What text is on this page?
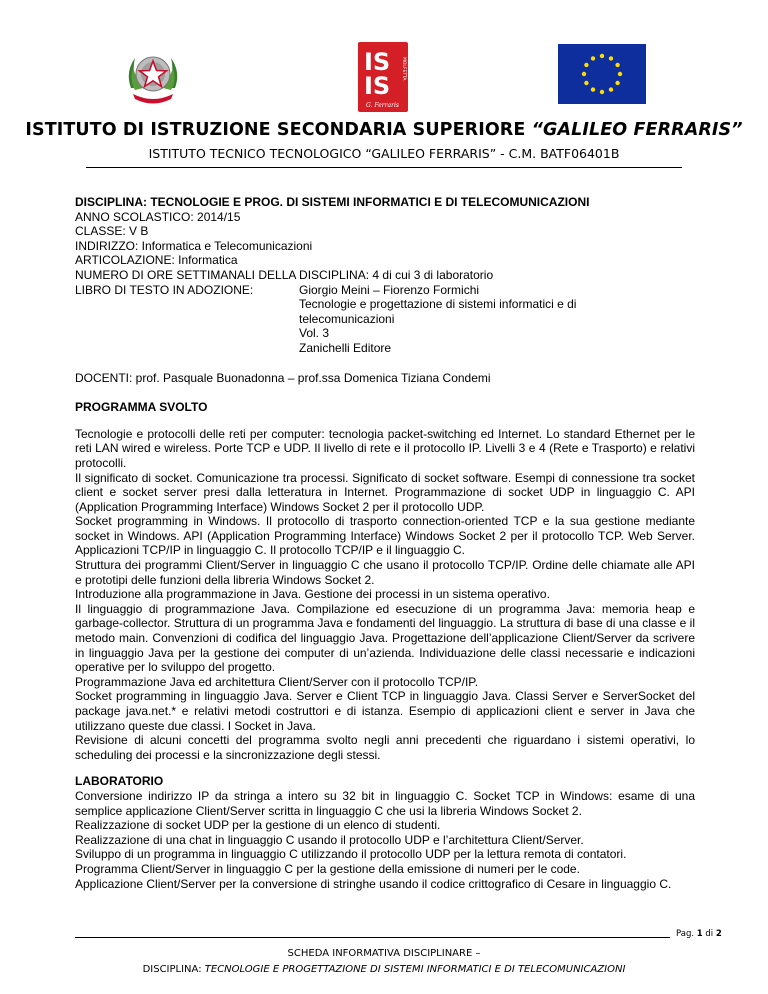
IS
IS
MOLFETTA
G. Ferraris
ISTITUTO DI ISTRUZIONE SECONDARIA SUPERIORE “GALILEO FERRARIS”
ISTITUTO TECNICO TECNOLOGICO “GALILEO FERRARIS” - C.M. BATF06401B

DISCIPLINA: TECNOLOGIE E PROG. DI SISTEMI INFORMATICI E DI TELECOMUNICAZIONI

ANNO SCOLASTICO: 2014/15

CLASSE: V B

INDIRIZZO: Informatica e Telecomunicazioni

ARTICOLAZIONE: Informatica

NUMERO DI ORE SETTIMANALI DELLA DISCIPLINA: 4 di cui 3 di laboratorio

LIBRO DI TESTO IN ADOZIONE:	Giorgio Meini – Fiorenzo Formichi

Tecnologie e progettazione di sistemi informatici e di

telecomunicazioni

Vol. 3

Zanichelli Editore

DOCENTI: prof. Pasquale Buonadonna – prof.ssa Domenica Tiziana Condemi

PROGRAMMA SVOLTO

Tecnologie e protocolli delle reti per computer: tecnologia packet-switching ed Internet. Lo standard Ethernet per le reti LAN wired e wireless. Porte TCP e UDP. Il livello di rete e il protocollo IP. Livelli 3 e 4 (Rete e Trasporto) e relativi protocolli.

Il significato di socket. Comunicazione tra processi. Significato di socket software. Esempi di connessione tra socket client e socket server presi dalla letteratura in Internet. Programmazione di socket UDP in linguaggio C. API (Application Programming Interface) Windows Socket 2 per il protocollo UDP.

Socket programming in Windows. Il protocollo di trasporto connection-oriented TCP e la sua gestione mediante socket in Windows. API (Application Programming Interface) Windows Socket 2 per il protocollo TCP. Web Server. Applicazioni TCP/IP in linguaggio C. Il protocollo TCP/IP e il linguaggio C.

Struttura dei programmi Client/Server in linguaggio C che usano il protocollo TCP/IP. Ordine delle chiamate alle API e prototipi delle funzioni della libreria Windows Socket 2.

Introduzione alla programmazione in Java. Gestione dei processi in un sistema operativo.

Il linguaggio di programmazione Java. Compilazione ed esecuzione di un programma Java: memoria heap e garbage-collector. Struttura di un programma Java e fondamenti del linguaggio. La struttura di base di una classe e il metodo main. Convenzioni di codifica del linguaggio Java. Progettazione dell’applicazione Client/Server da scrivere in linguaggio Java per la gestione dei computer di un’azienda. Individuazione delle classi necessarie e indicazioni operative per lo sviluppo del progetto.

Programmazione Java ed architettura Client/Server con il protocollo TCP/IP.

Socket programming in linguaggio Java. Server e Client TCP in linguaggio Java. Classi Server e ServerSocket del package java.net.* e relativi metodi costruttori e di istanza. Esempio di applicazioni client e server in Java che utilizzano queste due classi. I Socket in Java.

Revisione di alcuni concetti del programma svolto negli anni precedenti che riguardano i sistemi operativi, lo scheduling dei processi e la sincronizzazione degli stessi.

LABORATORIO

Conversione indirizzo IP da stringa a intero su 32 bit in linguaggio C. Socket TCP in Windows: esame di una semplice applicazione Client/Server scritta in linguaggio C che usi la libreria Windows Socket 2.

Realizzazione di socket UDP per la gestione di un elenco di studenti.

Realizzazione di una chat in linguaggio C usando il protocollo UDP e l’architettura Client/Server.

Sviluppo di un programma in linguaggio C utilizzando il protocollo UDP per la lettura remota di contatori.

Programma Client/Server in linguaggio C per la gestione della emissione di numeri per le code.

Applicazione Client/Server per la conversione di stringhe usando il codice crittografico di Cesare in linguaggio C.

Pag. 1 di 2
SCHEDA INFORMATIVA DISCIPLINARE –
DISCIPLINA: TECNOLOGIE E PROGETTAZIONE DI SISTEMI INFORMATICI E DI TELECOMUNICAZIONI
